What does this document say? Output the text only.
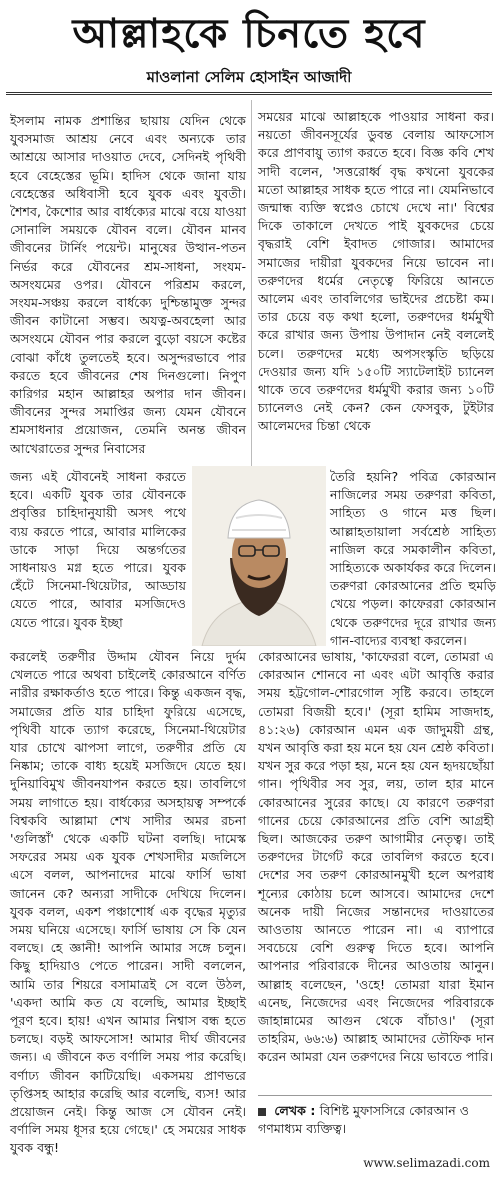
আল্লাহকে চিনতে হবে
মাওলানা সেলিম হোসাইন আজাদী

ইসলাম নামক প্রশান্তির ছায়ায় যেদিন থেকে যুবসমাজ আশ্রয় নেবে এবং অন্যকে তার আশ্রয়ে আসার দাওয়াত দেবে, সেদিনই পৃথিবী হবে বেহেস্তের ভূমি। হাদিস থেকে জানা যায় বেহেস্তের অধিবাসী হবে যুবক এবং যুবতী। শৈশব, কৈশোর আর বার্ধক্যের মাঝে বয়ে যাওয়া সোনালি সময়কে যৌবন বলে। যৌবন মানব জীবনের টার্নিং পয়েন্ট। মানুষের উত্থান-পতন নির্ভর করে যৌবনের শ্রম-সাধনা, সংযম-অসংযমের ওপর। যৌবনে পরিশ্রম করলে, সংযম-সঞ্চয় করলে বার্ধক্যে দুশ্চিন্তামুক্ত সুন্দর জীবন কাটানো সম্ভব। অযত্ন-অবহেলা আর অসংযমে যৌবন পার করলে বুড়ো বয়সে কষ্টের বোঝা কাঁধে তুলতেই হবে। অসুন্দরভাবে পার করতে হবে জীবনের শেষ দিনগুলো। নিপুণ কারিগর মহান আল্লাহর অপার দান জীবন। জীবনের সুন্দর সমাপ্তির জন্য যেমন যৌবনে শ্রমসাধনার প্রয়োজন, তেমনি অনন্ত জীবন আখেরাতের সুন্দর নিবাসের

সময়ের মাঝে আল্লাহকে পাওয়ার সাধনা কর। নয়তো জীবনসূর্যের ডুবন্ত বেলায় আফসোস করে প্রাণবায়ু ত্যাগ করতে হবে। বিজ্ঞ কবি শেখ সাদী বলেন, 'সত্তরোর্ধ্ব বৃদ্ধ কখনো যুবকের মতো আল্লাহর সাধক হতে পারে না। যেমনিভাবে জন্মান্ধ ব্যক্তি স্বপ্নেও চোখে দেখে না।' বিশ্বের দিকে তাকালে দেখতে পাই যুবকদের চেয়ে বৃদ্ধরাই বেশি ইবাদত গোজার। আমাদের সমাজের দায়ীরা যুবকদের নিয়ে ভাবেন না। তরুণদের ধর্মের নেতৃত্বে ফিরিয়ে আনতে আলেম এবং তাবলিগের ভাইদের প্রচেষ্টা কম। তার চেয়ে বড় কথা হলো, তরুণদের ধর্মমুখী করে রাখার জন্য উপায় উপাদান নেই বললেই চলে। তরুণদের মধ্যে অপসংস্কৃতি ছড়িয়ে দেওয়ার জন্য যদি ১৫০টি স্যাটেলাইট চ্যানেল থাকে তবে তরুণদের ধর্মমুখী করার জন্য ১০টি চ্যানেলও নেই কেন? কেন ফেসবুক, টুইটার আলেমদের চিন্তা থেকে
জন্য এই যৌবনেই সাধনা করতে হবে। একটি যুবক তার যৌবনকে প্রবৃত্তির চাহিদানুযায়ী অসৎ পথে ব্যয় করতে পারে, আবার মালিকের ডাকে সাড়া দিয়ে অন্তর্গতের সাধনায়ও মগ্ন হতে পারে। যুবক হেঁটে সিনেমা-থিয়েটার, আড্ডায় যেতে পারে, আবার মসজিদেও যেতে পারে। যুবক ইচ্ছা
তৈরি হয়নি? পবিত্র কোরআন নাজিলের সময় তরুণরা কবিতা, সাহিত্য ও গানে মত্ত ছিল। আল্লাহতায়ালা সর্বশ্রেষ্ঠ সাহিত্য নাজিল করে সমকালীন কবিতা, সাহিত্যকে অকার্যকর করে দিলেন। তরুণরা কোরআনের প্রতি হুমড়ি খেয়ে পড়ল। কাফেররা কোরআন থেকে তরুণদের দূরে রাখার জন্য গান-বাদ্যের ব্যবস্থা করলেন।
করলেই তরুণীর উদ্দাম যৌবন নিয়ে দুর্দম খেলতে পারে অথবা চাইলেই কোরআনে বর্ণিত নারীর রক্ষাকর্তাও হতে পারে। কিন্তু একজন বৃদ্ধ, সমাজের প্রতি যার চাহিদা ফুরিয়ে এসেছে, পৃথিবী যাকে ত্যাগ করেছে, সিনেমা-থিয়েটার যার চোখে ঝাপসা লাগে, তরুণীর প্রতি যে নিষ্কাম; তাকে বাধ্য হয়েই মসজিদে যেতে হয়। দুনিয়াবিমুখ জীবনযাপন করতে হয়। তাবলিগে সময় লাগাতে হয়। বার্ধক্যের অসহায়ত্ব সম্পর্কে বিশ্বকবি আল্লামা শেখ সাদীর অমর রচনা 'গুলিস্তাঁ' থেকে একটি ঘটনা বলছি। দামেস্ক সফরের সময় এক যুবক শেখসাদীর মজলিসে এসে বলল, আপনাদের মাঝে ফার্সি ভাষা জানেন কে? অন্যরা সাদীকে দেখিয়ে দিলেন। যুবক বলল, একশ পঞ্চাশোর্ধ এক বৃদ্ধের মৃত্যুর সময় ঘনিয়ে এসেছে। ফার্সি ভাষায় সে কি যেন বলছে। হে জ্ঞানী! আপনি আমার সঙ্গে চলুন। কিছু হাদিয়াও পেতে পারেন। সাদী বললেন, আমি তার শিয়রে বসামাত্রই সে বলে উঠল, 'একদা আমি কত যে বলেছি, আমার ইচ্ছাই পূরণ হবে। হায়! এখন আমার নিশ্বাস বন্ধ হতে চলছে। বড়ই আফসোস! আমার দীর্ঘ জীবনের জন্য। এ জীবনে কত বর্ণালি সময় পার করেছি। বর্ণাঢ্য জীবন কাটিয়েছি। একসময় প্রাণভরে তৃপ্তিসহ আহার করেছি আর বলেছি, ব্যস! আর প্রয়োজন নেই। কিন্তু আজ সে যৌবন নেই। বর্ণালি সময় ধূসর হয়ে গেছে।' হে সময়ের সাধক যুবক বন্ধু!
কোরআনের ভাষায়, 'কাফেররা বলে, তোমরা এ কোরআন শোনবে না এবং এটা আবৃত্তি করার সময় হট্টগোল-শোরগোল সৃষ্টি করবে। তাহলে তোমরা বিজয়ী হবে।' (সূরা হামিম সাজদাহ, ৪১:২৬) কোরআন এমন এক জাদুময়ী গ্রন্থ, যখন আবৃত্তি করা হয় মনে হয় যেন শ্রেষ্ঠ কবিতা। যখন সুর করে পড়া হয়, মনে হয় যেন হৃদয়ছোঁয়া গান। পৃথিবীর সব সুর, লয়, তাল হার মানে কোরআনের সুরের কাছে। যে কারণে তরুণরা গানের চেয়ে কোরআনের প্রতি বেশি আগ্রহী ছিল। আজকের তরুণ আগামীর নেতৃত্ব। তাই তরুণদের টার্গেট করে তাবলিগ করতে হবে। দেশের সব তরুণ কোরআনমুখী হলে অপরাধ শূন্যের কোঠায় চলে আসবে। আমাদের দেশে অনেক দায়ী নিজের সন্তানদের দাওয়াতের আওতায় আনতে পারেন না। এ ব্যাপারে সবচেয়ে বেশি গুরুত্ব দিতে হবে। আপনি আপনার পরিবারকে দীনের আওতায় আনুন। আল্লাহ বলেছেন, 'ওহে! তোমরা যারা ইমান এনেছ, নিজেদের এবং নিজেদের পরিবারকে জাহান্নামের আগুন থেকে বাঁচাও।' (সূরা তাহরিম, ৬৬:৬) আল্লাহ আমাদের তৌফিক দান করেন আমরা যেন তরুণদের নিয়ে ভাবতে পারি।
লেখক : বিশিষ্ট মুফাসসিরে কোরআন ও গণমাধ্যম ব্যক্তিত্ব।
www.selimazadi.com
